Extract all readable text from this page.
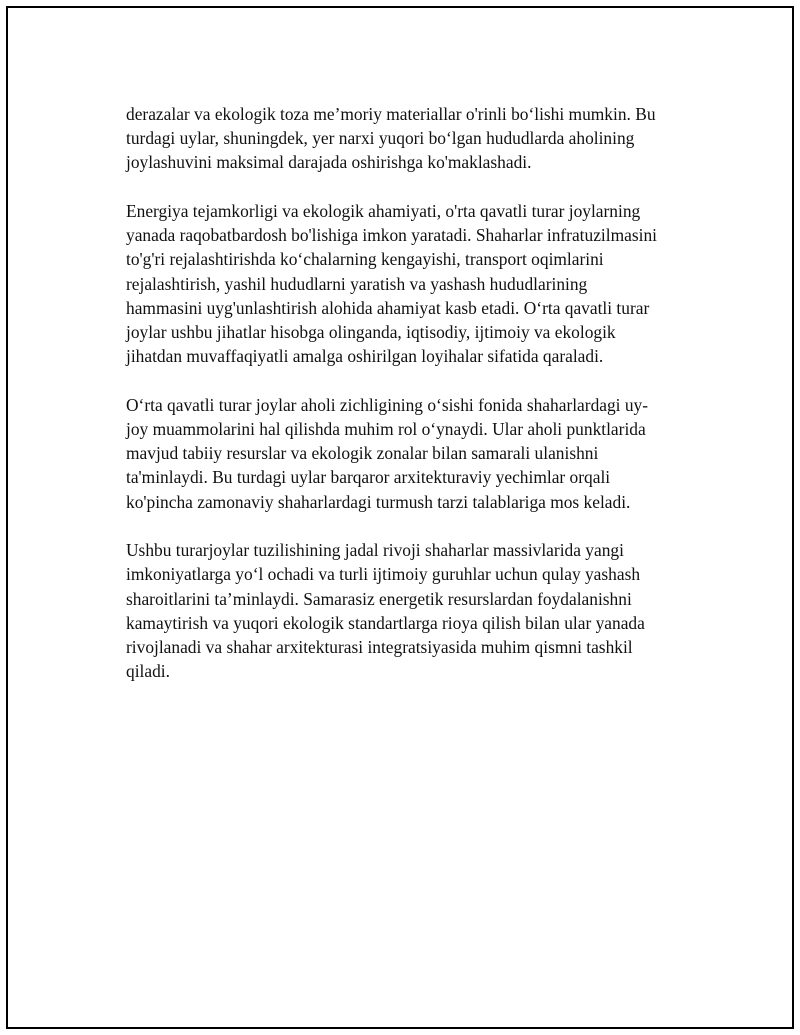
derazalar va ekologik toza me’moriy materiallar o'rinli bo‘lishi mumkin. Bu
turdagi uylar, shuningdek, yer narxi yuqori bo‘lgan hududlarda aholining
joylashuvini maksimal darajada oshirishga ko'maklashadi.

Energiya tejamkorligi va ekologik ahamiyati, o'rta qavatli turar joylarning
yanada raqobatbardosh bo'lishiga imkon yaratadi. Shaharlar infratuzilmasini
to'g'ri rejalashtirishda ko‘chalarning kengayishi, transport oqimlarini
rejalashtirish, yashil hududlarni yaratish va yashash hududlarining
hammasini uyg'unlashtirish alohida ahamiyat kasb etadi. O‘rta qavatli turar
joylar ushbu jihatlar hisobga olinganda, iqtisodiy, ijtimoiy va ekologik
jihatdan muvaffaqiyatli amalga oshirilgan loyihalar sifatida qaraladi.

O‘rta qavatli turar joylar aholi zichligining o‘sishi fonida shaharlardagi uy-
joy muammolarini hal qilishda muhim rol o‘ynaydi. Ular aholi punktlarida
mavjud tabiiy resurslar va ekologik zonalar bilan samarali ulanishni
ta'minlaydi. Bu turdagi uylar barqaror arxitekturaviy yechimlar orqali
ko'pincha zamonaviy shaharlardagi turmush tarzi talablariga mos keladi.

Ushbu turarjoylar tuzilishining jadal rivoji shaharlar massivlarida yangi
imkoniyatlarga yo‘l ochadi va turli ijtimoiy guruhlar uchun qulay yashash
sharoitlarini ta’minlaydi. Samarasiz energetik resurslardan foydalanishni
kamaytirish va yuqori ekologik standartlarga rioya qilish bilan ular yanada
rivojlanadi va shahar arxitekturasi integratsiyasida muhim qismni tashkil
qiladi.
